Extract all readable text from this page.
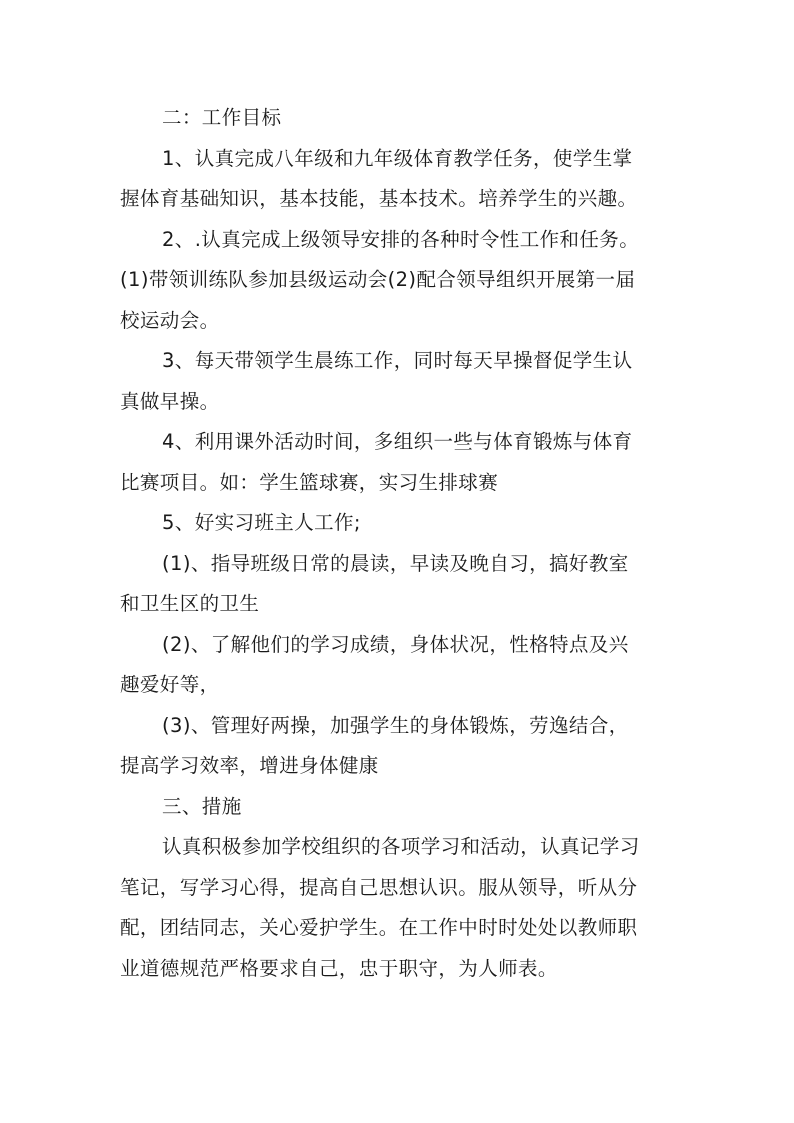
二：工作目标

1、认真完成八年级和九年级体育教学任务，使学生掌
握体育基础知识，基本技能，基本技术。培养学生的兴趣。

2、.认真完成上级领导安排的各种时令性工作和任务。
(1)带领训练队参加县级运动会(2)配合领导组织开展第一届
校运动会。

3、每天带领学生晨练工作，同时每天早操督促学生认
真做早操。

4、利用课外活动时间，多组织一些与体育锻炼与体育
比赛项目。如：学生篮球赛，实习生排球赛

5、好实习班主人工作;

(1)、指导班级日常的晨读，早读及晚自习，搞好教室
和卫生区的卫生

(2)、了解他们的学习成绩，身体状况，性格特点及兴
趣爱好等，

(3)、管理好两操，加强学生的身体锻炼，劳逸结合，
提高学习效率，增进身体健康

三、措施

认真积极参加学校组织的各项学习和活动，认真记学习
笔记，写学习心得，提高自己思想认识。服从领导，听从分
配，团结同志，关心爱护学生。在工作中时时处处以教师职
业道德规范严格要求自己，忠于职守，为人师表。
